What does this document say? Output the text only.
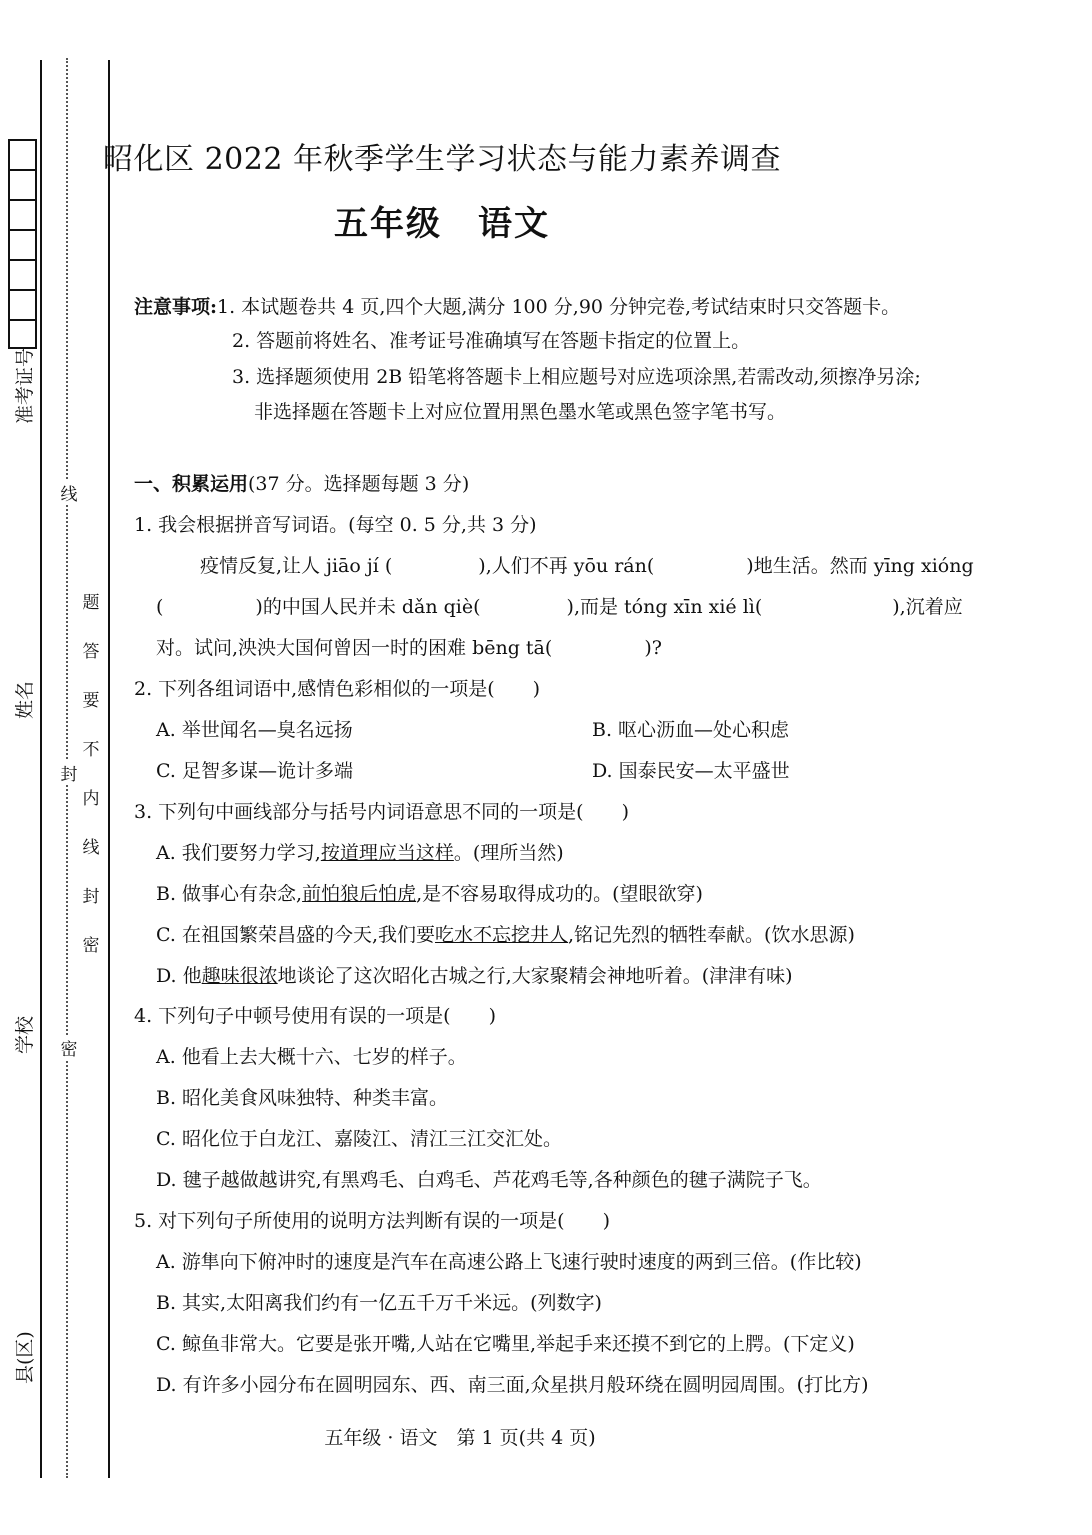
准考证号
姓名
学校
县(区)
题
答
要
不
内
线
封
密
线
封
密
昭化区 2022 年秋季学生学习状态与能力素养调查
五年级　语文
注意事项:1. 本试题卷共 4 页,四个大题,满分 100 分,90 分钟完卷,考试结束时只交答题卡。
2. 答题前将姓名、准考证号准确填写在答题卡指定的位置上。
3. 选择题须使用 2B 铅笔将答题卡上相应题号对应选项涂黑,若需改动,须擦净另涂;
非选择题在答题卡上对应位置用黑色墨水笔或黑色签字笔书写。
一、积累运用(37 分。选择题每题 3 分)
1. 我会根据拼音写词语。(每空 0. 5 分,共 3 分)
疫情反复,让人 jiāo jí (	),人们不再 yōu rán(	)地生活。然而 yīng xióng
(	)的中国人民并未 dǎn qiè(	),而是 tóng xīn xié lì(	),沉着应
对。试问,泱泱大国何曾因一时的困难 bēng tā(	)?
2. 下列各组词语中,感情色彩相似的一项是(　　)
A. 举世闻名—臭名远扬	B. 呕心沥血—处心积虑
C. 足智多谋—诡计多端	D. 国泰民安—太平盛世
3. 下列句中画线部分与括号内词语意思不同的一项是(　　)
A. 我们要努力学习,按道理应当这样。(理所当然)
B. 做事心有杂念,前怕狼后怕虎,是不容易取得成功的。(望眼欲穿)
C. 在祖国繁荣昌盛的今天,我们要吃水不忘挖井人,铭记先烈的牺牲奉献。(饮水思源)
D. 他趣味很浓地谈论了这次昭化古城之行,大家聚精会神地听着。(津津有味)
4. 下列句子中顿号使用有误的一项是(　　)
A. 他看上去大概十六、七岁的样子。
B. 昭化美食风味独特、种类丰富。
C. 昭化位于白龙江、嘉陵江、清江三江交汇处。
D. 毽子越做越讲究,有黑鸡毛、白鸡毛、芦花鸡毛等,各种颜色的毽子满院子飞。
5. 对下列句子所使用的说明方法判断有误的一项是(　　)
A. 游隼向下俯冲时的速度是汽车在高速公路上飞速行驶时速度的两到三倍。(作比较)
B. 其实,太阳离我们约有一亿五千万千米远。(列数字)
C. 鲸鱼非常大。它要是张开嘴,人站在它嘴里,举起手来还摸不到它的上腭。(下定义)
D. 有许多小园分布在圆明园东、西、南三面,众星拱月般环绕在圆明园周围。(打比方)
五年级 · 语文　第 1 页(共 4 页)
